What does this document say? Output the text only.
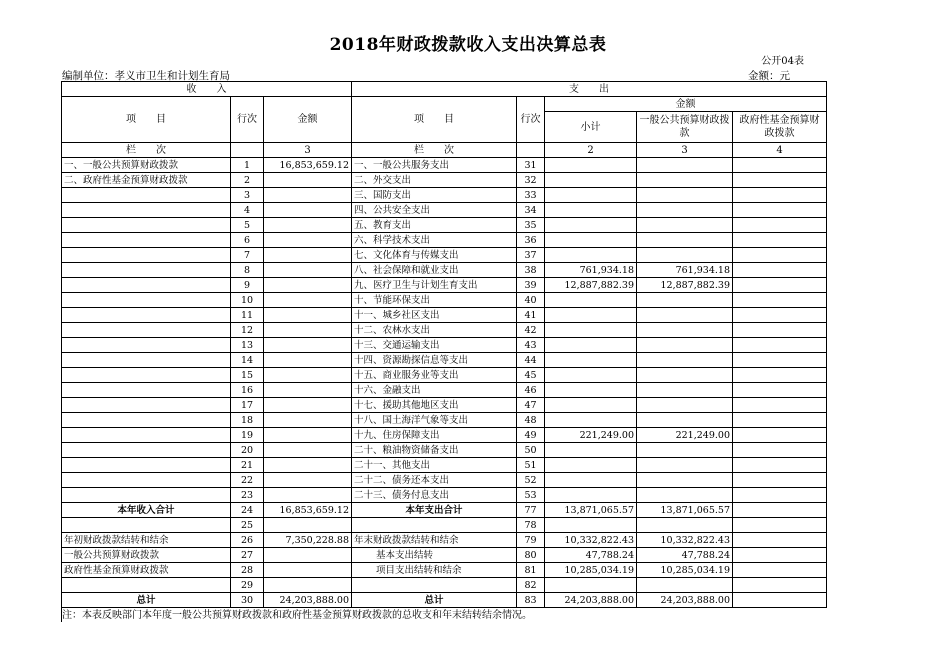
2018年财政拨款收入支出决算总表
公开04表
编制单位：孝义市卫生和计划生育局	金额：元
收　　入			支　　出				
项　　目	行次	金额	项　　目	行次	金额		
					小计	一般公共预算财政拨款	政府性基金预算财政拨款
栏　　次		3	栏　　次		2	3	4
一、一般公共预算财政拨款	1	16,853,659.12	一、一般公共服务支出	31			
二、政府性基金预算财政拨款	2		二、外交支出	32			
	3		三、国防支出	33			
	4		四、公共安全支出	34			
	5		五、教育支出	35			
	6		六、科学技术支出	36			
	7		七、文化体育与传媒支出	37			
	8		八、社会保障和就业支出	38	761,934.18	761,934.18	
	9		九、医疗卫生与计划生育支出	39	12,887,882.39	12,887,882.39	
	10		十、节能环保支出	40			
	11		十一、城乡社区支出	41			
	12		十二、农林水支出	42			
	13		十三、交通运输支出	43			
	14		十四、资源勘探信息等支出	44			
	15		十五、商业服务业等支出	45			
	16		十六、金融支出	46			
	17		十七、援助其他地区支出	47			
	18		十八、国土海洋气象等支出	48			
	19		十九、住房保障支出	49	221,249.00	221,249.00	
	20		二十、粮油物资储备支出	50			
	21		二十一、其他支出	51			
	22		二十二、债务还本支出	52			
	23		二十三、债务付息支出	53			
本年收入合计	24	16,853,659.12	本年支出合计	77	13,871,065.57	13,871,065.57	
	25			78			
年初财政拨款结转和结余	26	7,350,228.88	年末财政拨款结转和结余	79	10,332,822.43	10,332,822.43	
一般公共预算财政拨款	27		基本支出结转	80	47,788.24	47,788.24	
政府性基金预算财政拨款	28		项目支出结转和结余	81	10,285,034.19	10,285,034.19	
	29			82			
总计	30	24,203,888.00	总计	83	24,203,888.00	24,203,888.00	
注：本表反映部门本年度一般公共预算财政拨款和政府性基金预算财政拨款的总收支和年末结转结余情况。
